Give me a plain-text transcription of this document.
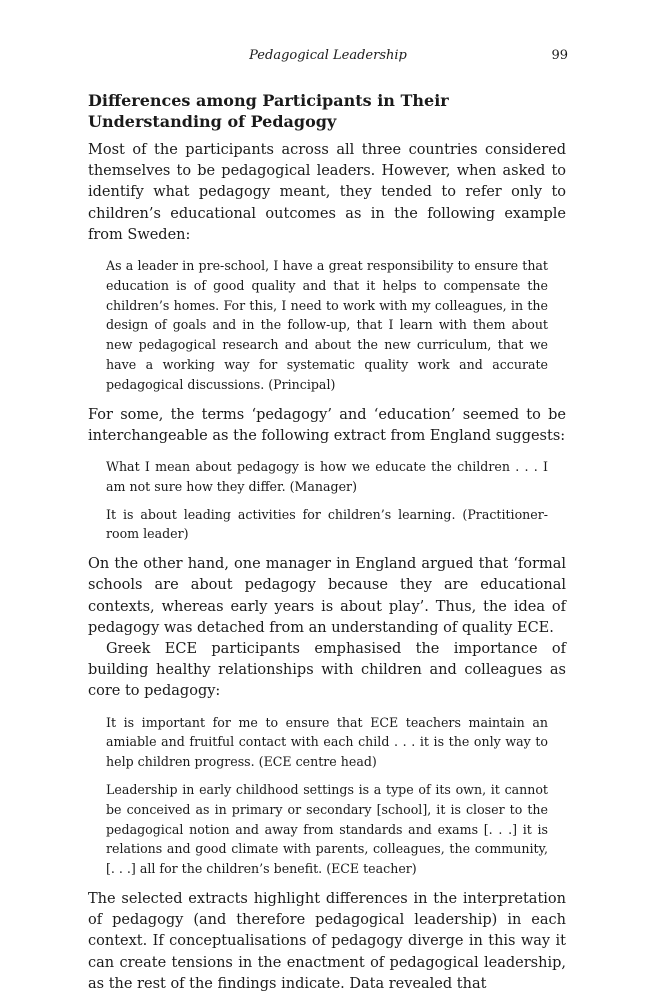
Pedagogical Leadership	99
Differences among Participants in Their
Understanding of Pedagogy

Most of the participants across all three countries considered themselves to be pedagogical leaders. However, when asked to identify what pedagogy meant, they tended to refer only to children’s educational outcomes as in the following example from Sweden:

As a leader in pre-school, I have a great responsibility to ensure that education is of good quality and that it helps to compensate the children’s homes. For this, I need to work with my colleagues, in the design of goals and in the follow-up, that I learn with them about new pedagogical research and about the new curriculum, that we have a working way for systematic quality work and accurate pedagogical discussions. (Principal)

For some, the terms ‘pedagogy’ and ‘education’ seemed to be interchangeable as the following extract from England suggests:

What I mean about pedagogy is how we educate the children . . . I am not sure how they differ. (Manager)

It is about leading activities for children’s learning. (Practitioner-room leader)

On the other hand, one manager in England argued that ‘formal schools are about pedagogy because they are educational contexts, whereas early years is about play’. Thus, the idea of pedagogy was detached from an understanding of quality ECE.

Greek ECE participants emphasised the importance of building healthy relationships with children and colleagues as core to pedagogy:

It is important for me to ensure that ECE teachers maintain an amiable and fruitful contact with each child . . . it is the only way to help children progress. (ECE centre head)

Leadership in early childhood settings is a type of its own, it cannot be conceived as in primary or secondary [school], it is closer to the pedagogical notion and away from standards and exams [. . .] it is relations and good climate with parents, colleagues, the community, [. . .] all for the children’s benefit. (ECE teacher)

The selected extracts highlight differences in the interpretation of pedagogy (and therefore pedagogical leadership) in each context. If conceptualisations of pedagogy diverge in this way it can create tensions in the enactment of pedagogical leadership, as the rest of the findings indicate. Data revealed that
